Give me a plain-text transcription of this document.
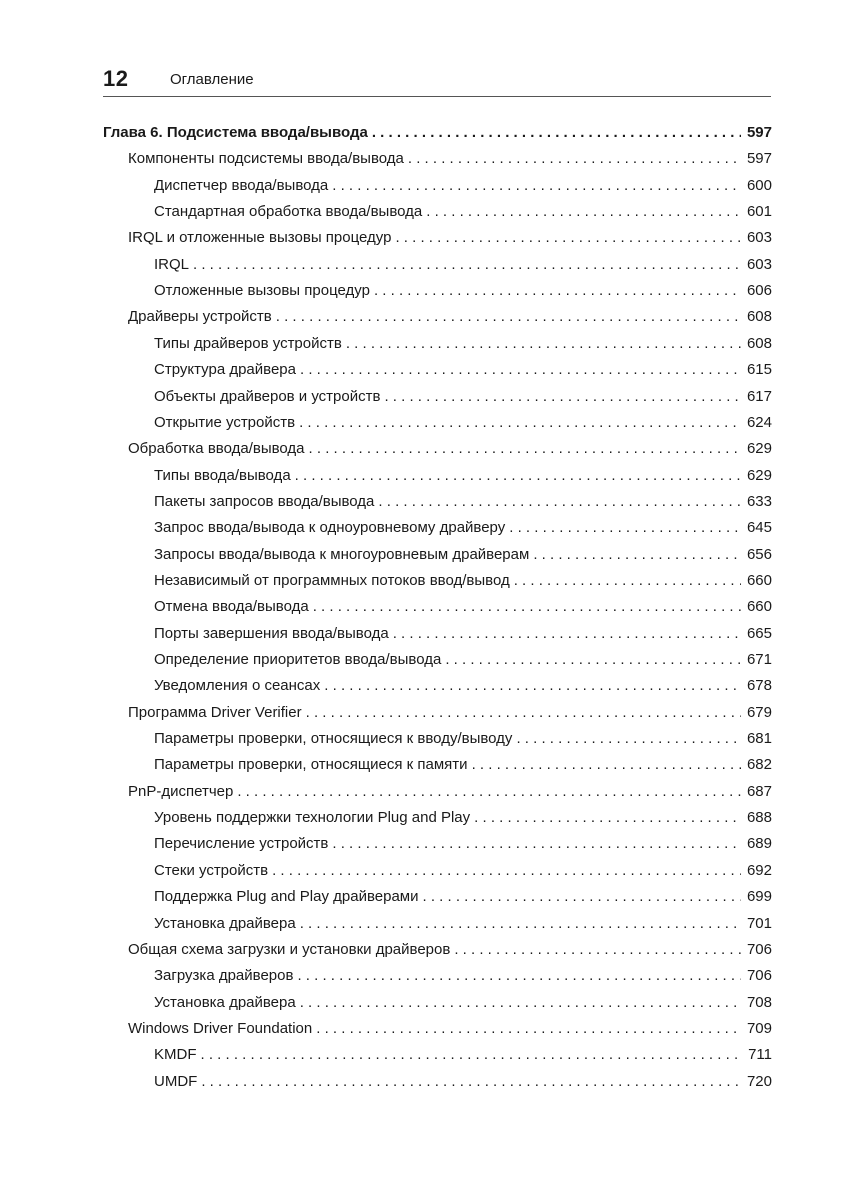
12	Оглавление
Глава 6. Подсистема ввода/вывода . . .	597
Компоненты подсистемы ввода/вывода . . .	597
Диспетчер ввода/вывода . . .	600
Стандартная обработка ввода/вывода . . .	601
IRQL и отложенные вызовы процедур . . .	603
IRQL . . .	603
Отложенные вызовы процедур . . .	606
Драйверы устройств . . .	608
Типы драйверов устройств . . .	608
Структура драйвера . . .	615
Объекты драйверов и устройств . . .	617
Открытие устройств . . .	624
Обработка ввода/вывода . . .	629
Типы ввода/вывода . . .	629
Пакеты запросов ввода/вывода . . .	633
Запрос ввода/вывода к одноуровневому драйверу . . .	645
Запросы ввода/вывода к многоуровневым драйверам . . .	656
Независимый от программных потоков ввод/вывод . . .	660
Отмена ввода/вывода . . .	660
Порты завершения ввода/вывода . . .	665
Определение приоритетов ввода/вывода . . .	671
Уведомления о сеансах . . .	678
Программа Driver Verifier . . .	679
Параметры проверки, относящиеся к вводу/выводу . . .	681
Параметры проверки, относящиеся к памяти . . .	682
PnP-диспетчер . . .	687
Уровень поддержки технологии Plug and Play . . .	688
Перечисление устройств . . .	689
Стеки устройств . . .	692
Поддержка Plug and Play драйверами . . .	699
Установка драйвера . . .	701
Общая схема загрузки и установки драйверов . . .	706
Загрузка драйверов . . .	706
Установка драйвера . . .	708
Windows Driver Foundation . . .	709
KMDF . . .	711
UMDF . . .	720
